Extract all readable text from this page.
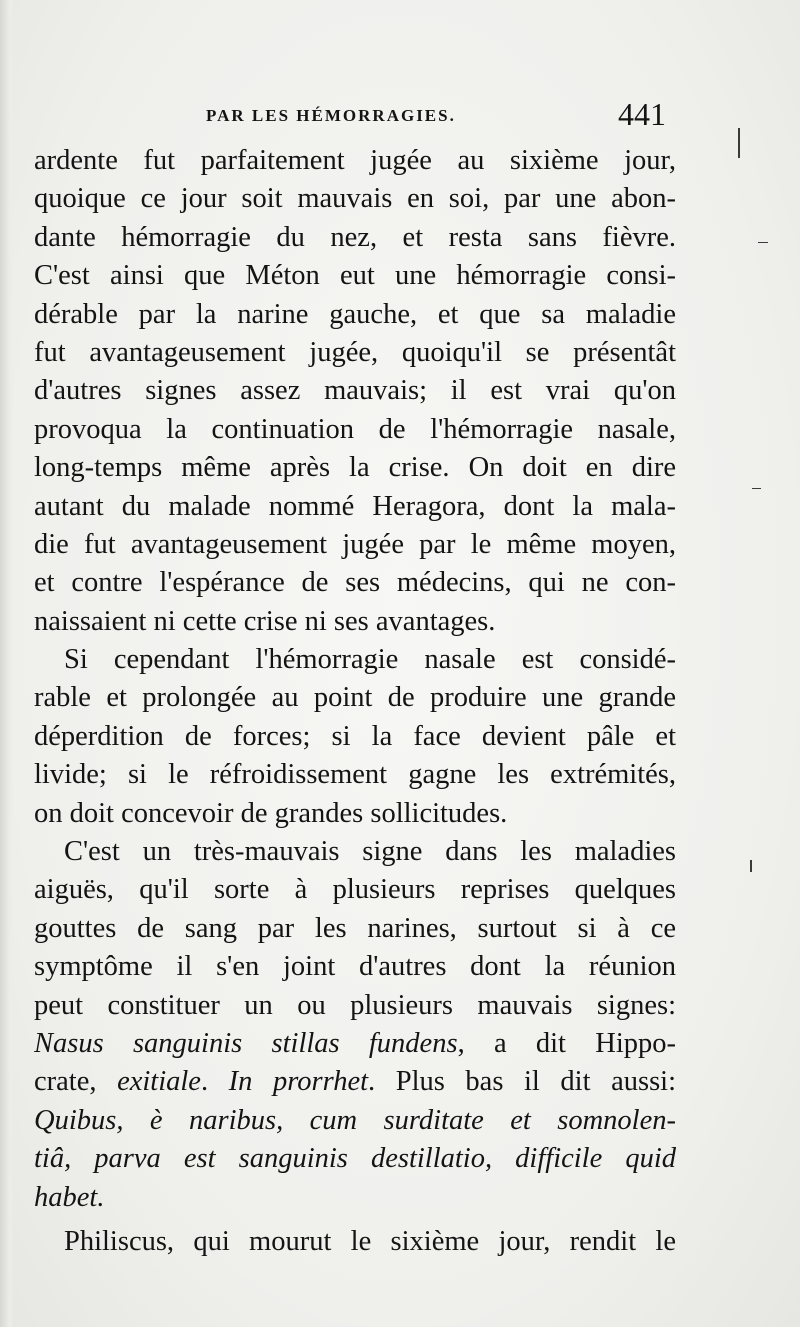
PAR LES HÉMORRAGIES.	441
ardente fut parfaitement jugée au sixième jour,
quoique ce jour soit mauvais en soi, par une abon-
dante hémorragie du nez, et resta sans fièvre.
C'est ainsi que Méton eut une hémorragie consi-
dérable par la narine gauche, et que sa maladie
fut avantageusement jugée, quoiqu'il se présentât
d'autres signes assez mauvais; il est vrai qu'on
provoqua la continuation de l'hémorragie nasale,
long-temps même après la crise. On doit en dire
autant du malade nommé Heragora, dont la mala-
die fut avantageusement jugée par le même moyen,
et contre l'espérance de ses médecins, qui ne con-
naissaient ni cette crise ni ses avantages.
Si cependant l'hémorragie nasale est considé-
rable et prolongée au point de produire une grande
déperdition de forces; si la face devient pâle et
livide; si le réfroidissement gagne les extrémités,
on doit concevoir de grandes sollicitudes.
C'est un très-mauvais signe dans les maladies
aiguës, qu'il sorte à plusieurs reprises quelques
gouttes de sang par les narines, surtout si à ce
symptôme il s'en joint d'autres dont la réunion
peut constituer un ou plusieurs mauvais signes:
Nasus sanguinis stillas fundens, a dit Hippo-
crate, exitiale. In prorrhet. Plus bas il dit aussi:
Quibus, è naribus, cum surditate et somnolen-
tiâ, parva est sanguinis destillatio, difficile quid
habet.
Philiscus, qui mourut le sixième jour, rendit le
